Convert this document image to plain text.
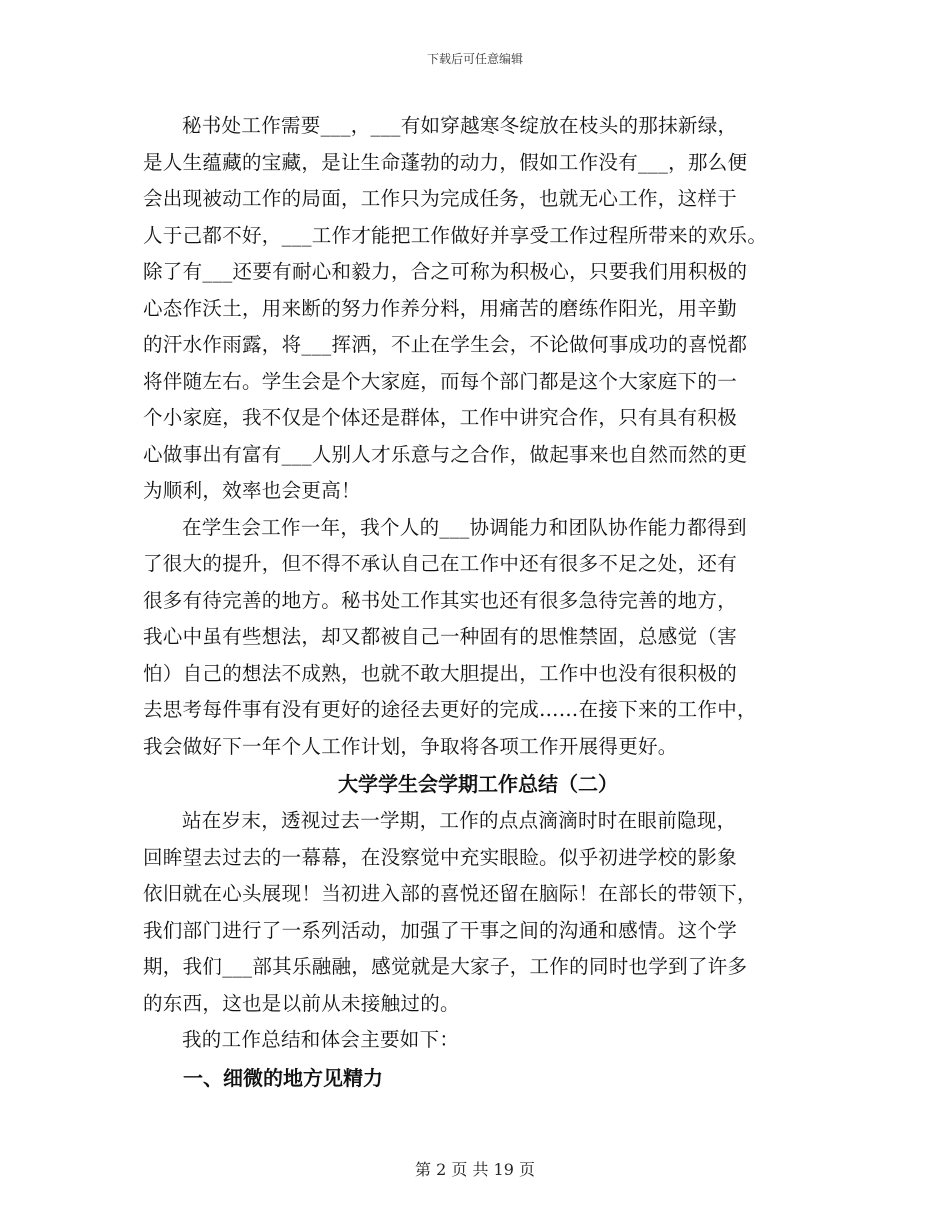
下载后可任意编辑

秘书处工作需要___，___有如穿越寒冬绽放在枝头的那抹新绿，
是人生蕴藏的宝藏，是让生命蓬勃的动力，假如工作没有___，那么便
会出现被动工作的局面，工作只为完成任务，也就无心工作，这样于
人于己都不好，___工作才能把工作做好并享受工作过程所带来的欢乐。
除了有___还要有耐心和毅力，合之可称为积极心，只要我们用积极的
心态作沃土，用来断的努力作养分料，用痛苦的磨练作阳光，用辛勤
的汗水作雨露，将___挥洒，不止在学生会，不论做何事成功的喜悦都
将伴随左右。学生会是个大家庭，而每个部门都是这个大家庭下的一
个小家庭，我不仅是个体还是群体，工作中讲究合作，只有具有积极
心做事出有富有___人别人才乐意与之合作，做起事来也自然而然的更
为顺利，效率也会更高！

在学生会工作一年，我个人的___协调能力和团队协作能力都得到
了很大的提升，但不得不承认自己在工作中还有很多不足之处，还有
很多有待完善的地方。秘书处工作其实也还有很多急待完善的地方，
我心中虽有些想法，却又都被自己一种固有的思惟禁固，总感觉（害
怕）自己的想法不成熟，也就不敢大胆提出，工作中也没有很积极的
去思考每件事有没有更好的途径去更好的完成……在接下来的工作中，
我会做好下一年个人工作计划，争取将各项工作开展得更好。

大学学生会学期工作总结（二）

站在岁末，透视过去一学期，工作的点点滴滴时时在眼前隐现，
回眸望去过去的一幕幕，在没察觉中充实眼睑。似乎初进学校的影象
依旧就在心头展现！当初进入部的喜悦还留在脑际！在部长的带领下，
我们部门进行了一系列活动，加强了干事之间的沟通和感情。这个学
期，我们___部其乐融融，感觉就是大家子，工作的同时也学到了许多
的东西，这也是以前从未接触过的。

我的工作总结和体会主要如下：

一、细微的地方见精力
第 2 页 共 19 页
